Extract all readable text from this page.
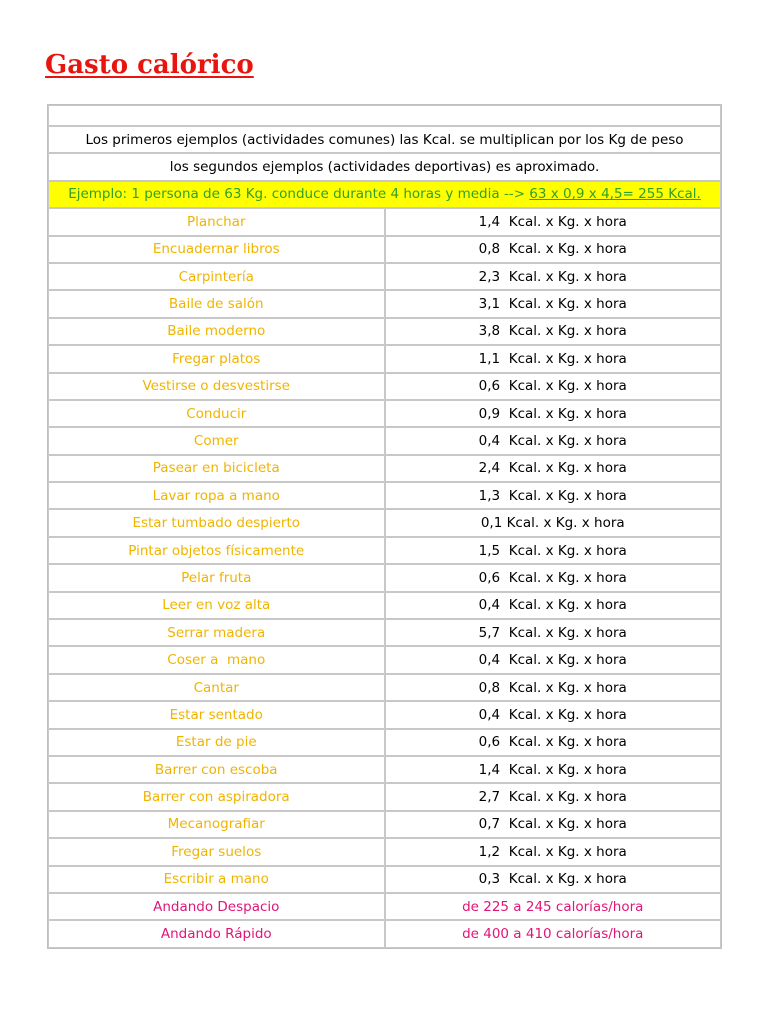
Gasto calórico

Los primeros ejemplos (actividades comunes) las Kcal. se multiplican por los Kg de peso	
los segundos ejemplos (actividades deportivas) es aproximado.	
Ejemplo: 1 persona de 63 Kg. conduce durante 4 horas y media --> 63 x 0,9 x 4,5= 255 Kcal.	
Planchar	1,4  Kcal. x Kg. x hora
Encuadernar libros	0,8  Kcal. x Kg. x hora
Carpintería	2,3  Kcal. x Kg. x hora
Baile de salón	3,1  Kcal. x Kg. x hora
Baile moderno	3,8  Kcal. x Kg. x hora
Fregar platos	1,1  Kcal. x Kg. x hora
Vestirse o desvestirse	0,6  Kcal. x Kg. x hora
Conducir	0,9  Kcal. x Kg. x hora
Comer	0,4  Kcal. x Kg. x hora
Pasear en bicicleta	2,4  Kcal. x Kg. x hora
Lavar ropa a mano	1,3  Kcal. x Kg. x hora
Estar tumbado despierto	0,1 Kcal. x Kg. x hora
Pintar objetos físicamente	1,5  Kcal. x Kg. x hora
Pelar fruta	0,6  Kcal. x Kg. x hora
Leer en voz alta	0,4  Kcal. x Kg. x hora
Serrar madera	5,7  Kcal. x Kg. x hora
Coser a  mano	0,4  Kcal. x Kg. x hora
Cantar	0,8  Kcal. x Kg. x hora
Estar sentado	0,4  Kcal. x Kg. x hora
Estar de pie	0,6  Kcal. x Kg. x hora
Barrer con escoba	1,4  Kcal. x Kg. x hora
Barrer con aspiradora	2,7  Kcal. x Kg. x hora
Mecanografiar	0,7  Kcal. x Kg. x hora
Fregar suelos	1,2  Kcal. x Kg. x hora
Escribir a mano	0,3  Kcal. x Kg. x hora
Andando Despacio	de 225 a 245 calorías/hora
Andando Rápido	de 400 a 410 calorías/hora
